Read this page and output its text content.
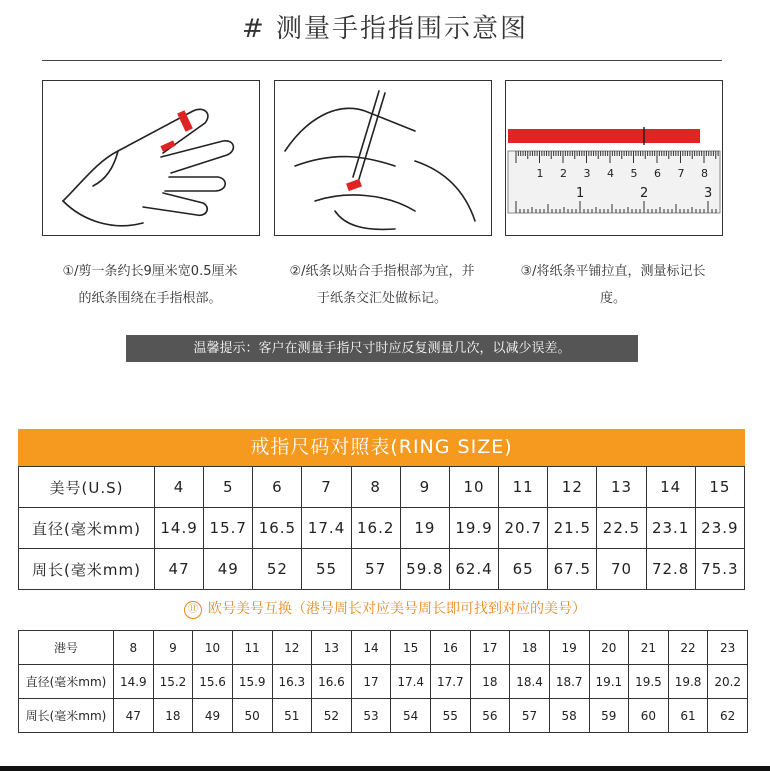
# 测量手指指围示意图
1 2 3 4 5 6 7 8
1	2	3
①/剪一条约长9厘米宽0.5厘米
的纸条围绕在手指根部。
②/纸条以贴合手指根部为宜，并
于纸条交汇处做标记。
③/将纸条平铺拉直，测量标记长
度。
温馨提示：客户在测量手指尺寸时应反复测量几次，以减少误差。
戒指尺码对照表(RING SIZE)
美号(U.S)	4	5	6	7	8	9	10	11	12	13	14	15
直径(毫米mm)	14.9	15.7	16.5	17.4	16.2	19	19.9	20.7	21.5	22.5	23.1	23.9
周长(毫米mm)	47	49	52	55	57	59.8	62.4	65	67.5	70	72.8	75.3
⑪ 欧号美号互换（港号周长对应美号周长即可找到对应的美号）
港号	8	9	10	11	12	13	14	15	16	17	18	19	20	21	22	23
直径(毫米mm)	14.9	15.2	15.6	15.9	16.3	16.6	17	17.4	17.7	18	18.4	18.7	19.1	19.5	19.8	20.2
周长(毫米mm)	47	18	49	50	51	52	53	54	55	56	57	58	59	60	61	62
